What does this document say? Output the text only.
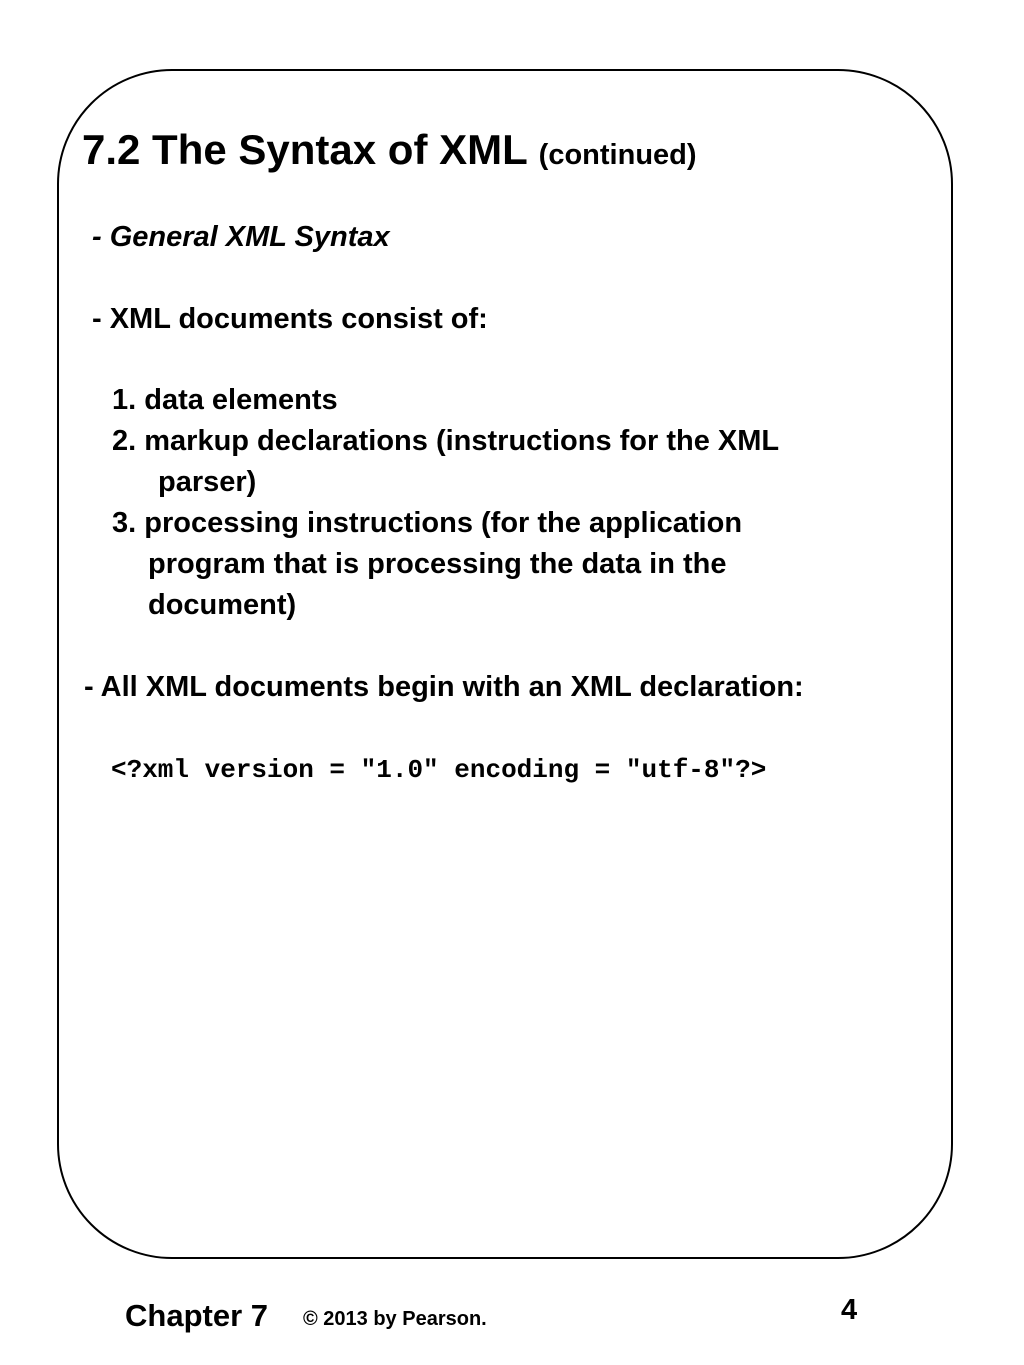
7.2 The Syntax of XML (continued)
- General XML Syntax
- XML documents consist of:
1. data elements
2. markup declarations (instructions for the XML
parser)
3. processing instructions (for the application
program that is processing the data in the
document)
- All XML documents begin with an XML declaration:
<?xml version = "1.0" encoding = "utf-8"?>
Chapter 7 © 2013 by Pearson.	4
